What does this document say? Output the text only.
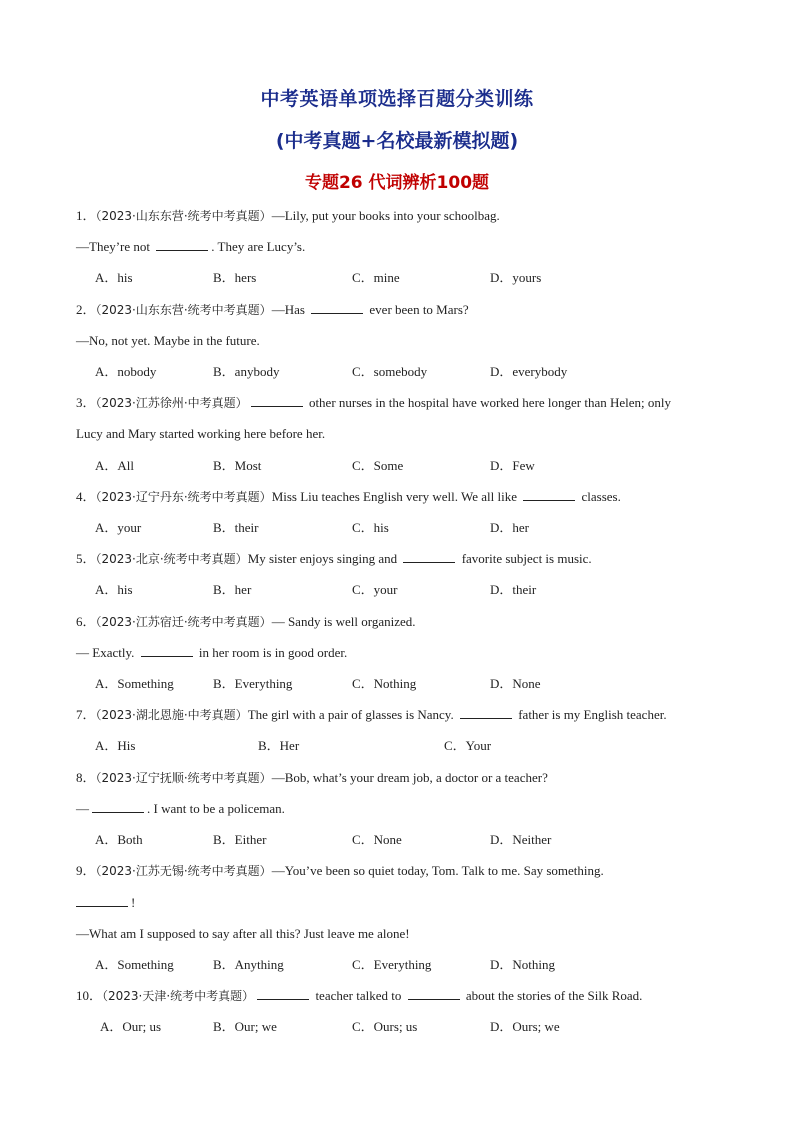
中考英语单项选择百题分类训练
(中考真题+名校最新模拟题)
专题26 代词辨析100题
1．（2023·山东东营·统考中考真题）—Lily, put your books into your schoolbag.
—They’re not	. They are Lucy’s.
A．his	B．hers	C．mine	D．yours
2．（2023·山东东营·统考中考真题）—Has	ever been to Mars?
—No, not yet. Maybe in the future.
A．nobody	B．anybody	C．somebody	D．everybody
3．（2023·江苏徐州·中考真题）	other nurses in the hospital have worked here longer than Helen; only
Lucy and Mary started working here before her.
A．All	B．Most	C．Some	D．Few
4．（2023·辽宁丹东·统考中考真题）Miss Liu teaches English very well. We all like	classes.
A．your	B．their	C．his	D．her
5．（2023·北京·统考中考真题）My sister enjoys singing and	favorite subject is music.
A．his	B．her	C．your	D．their
6．（2023·江苏宿迁·统考中考真题）— Sandy is well organized.
— Exactly.	in her room is in good order.
A．Something	B．Everything	C．Nothing	D．None
7．（2023·湖北恩施·中考真题）The girl with a pair of glasses is Nancy.	father is my English teacher.
A．His	B．Her	C．Your
8．（2023·辽宁抚顺·统考中考真题）—Bob, what’s your dream job, a doctor or a teacher?
—	. I want to be a policeman.
A．Both	B．Either	C．None	D．Neither
9．（2023·江苏无锡·统考中考真题）—You’ve been so quiet today, Tom. Talk to me. Say something.
!
—What am I supposed to say after all this? Just leave me alone!
A．Something	B．Anything	C．Everything	D．Nothing
10．（2023·天津·统考中考真题）	teacher talked to	about the stories of the Silk Road.
A．Our; us	B．Our; we	C．Ours; us	D．Ours; we
